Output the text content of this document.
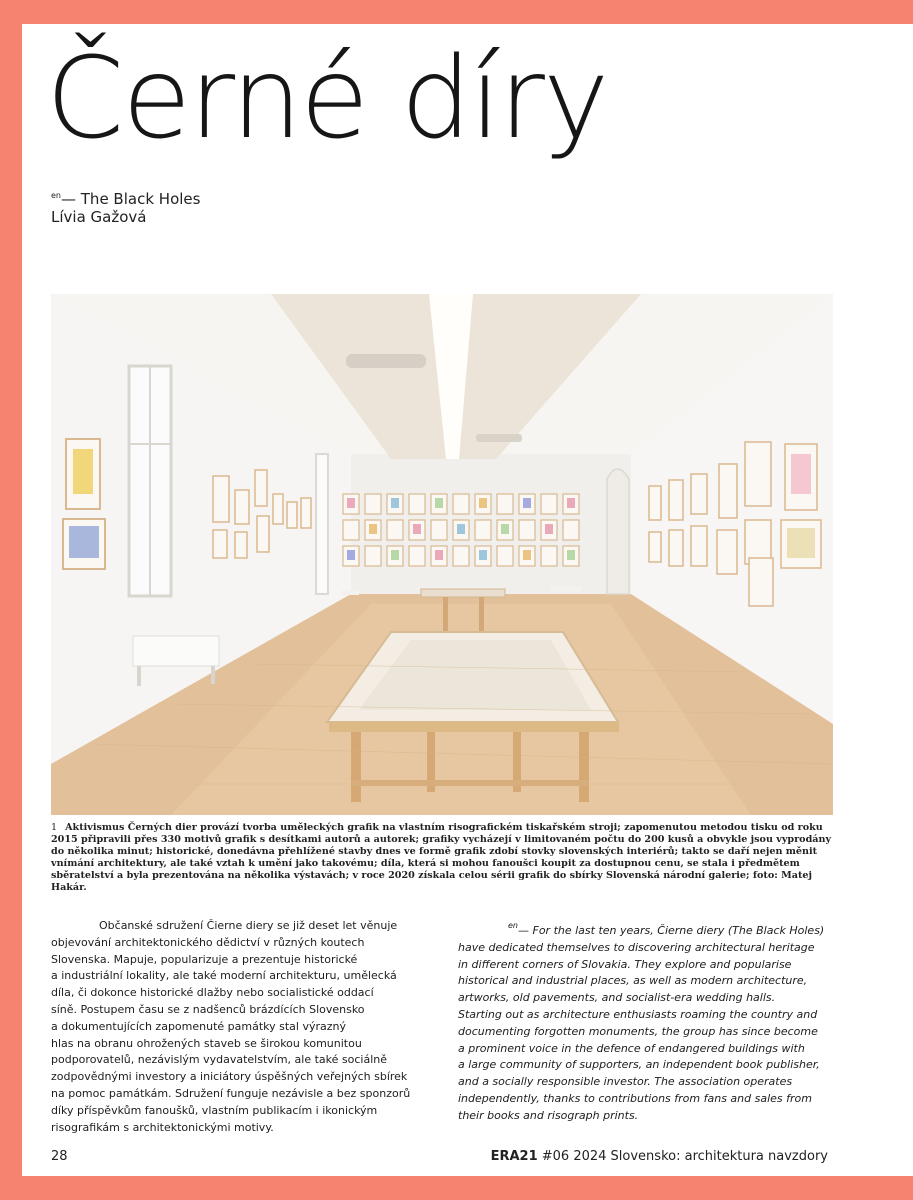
Černé díry
$^{en}$— The Black Holes
Lívia Gažová
1 Aktivismus Černých dier provází tvorba uměleckých grafik na vlastním risografickém tiskařském stroji; zapomenutou metodou tisku od roku 2015 připravili přes 330 motivů grafik s desítkami autorů a autorek; grafiky vycházejí v limitovaném počtu do 200 kusů a obvykle jsou vyprodány do několika minut; historické, donedávna přehlížené stavby dnes ve formě grafik zdobí stovky slovenských interiérů; takto se daří nejen měnit vnímání architektury, ale také vztah k umění jako takovému; díla, která si mohou fanoušci koupit za dostupnou cenu, se stala i předmětem sběratelství a byla prezentována na několika výstavách; v roce 2020 získala celou sérii grafik do sbírky Slovenská národní galerie; foto: Matej Hakár.
Občanské sdružení Čierne diery se již deset let věnuje
objevování architektonického dědictví v různých koutech
Slovenska. Mapuje, popularizuje a prezentuje historické
a industriální lokality, ale také moderní architekturu, umělecká
díla, či dokonce historické dlažby nebo socialistické oddací
síně. Postupem času se z nadšenců brázdících Slovensko
a dokumentujících zapomenuté památky stal výrazný
hlas na obranu ohrožených staveb se širokou komunitou
podporovatelů, nezávislým vydavatelstvím, ale také sociálně
zodpovědnými investory a iniciátory úspěšných veřejných sbírek
na pomoc památkám. Sdružení funguje nezávisle a bez sponzorů
díky příspěvkům fanoušků, vlastním publikacím i ikonickým
risografikám s architektonickými motivy.
$^{en}$— For the last ten years, Čierne diery (The Black Holes)
have dedicated themselves to discovering architectural heritage
in different corners of Slovakia. They explore and popularise
historical and industrial places, as well as modern architecture,
artworks, old pavements, and socialist-era wedding halls.
Starting out as architecture enthusiasts roaming the country and
documenting forgotten monuments, the group has since become
a prominent voice in the defence of endangered buildings with
a large community of supporters, an independent book publisher,
and a socially responsible investor. The association operates
independently, thanks to contributions from fans and sales from
their books and risograph prints.
28	ERA21 #06 2024 Slovensko: architektura navzdory
